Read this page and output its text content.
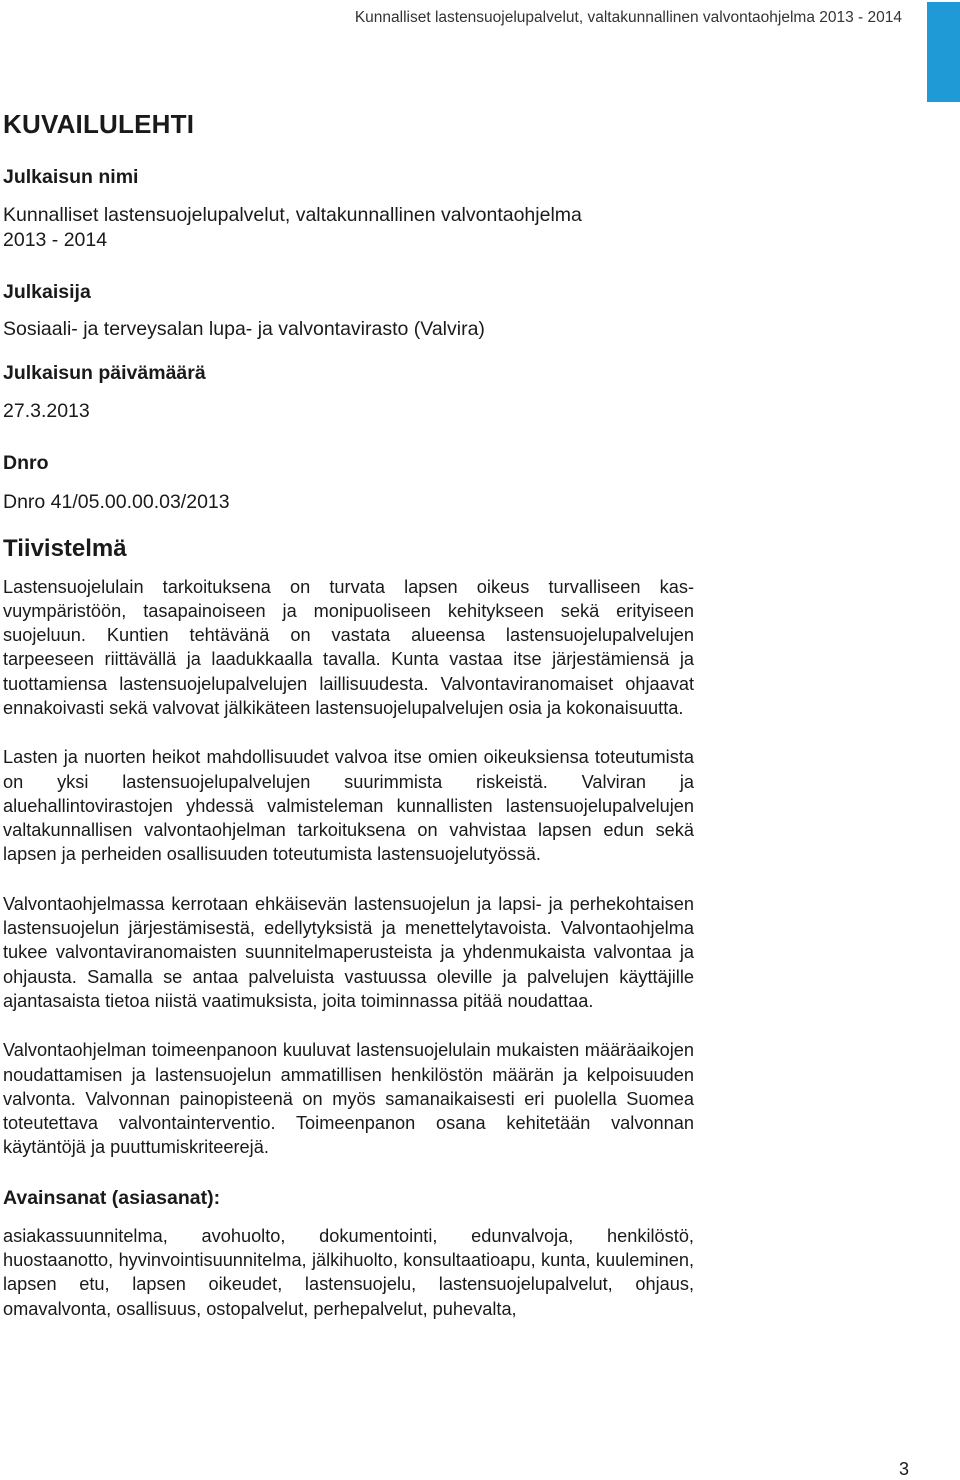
Kunnalliset lastensuojelupalvelut, valtakunnallinen valvontaohjelma 2013 - 2014
KUVAILULEHTI

Julkaisun nimi

Kunnalliset lastensuojelupalvelut, valtakunnallinen valvontaohjelma

2013 - 2014

Julkaisija

Sosiaali- ja terveysalan lupa- ja valvontavirasto (Valvira)

Julkaisun päivämäärä

27.3.2013

Dnro

Dnro 41/05.00.00.03/2013

Tiivistelmä

Lastensuojelulain tarkoituksena on turvata lapsen oikeus turvalliseen kasvuympäristöön, tasapainoiseen ja monipuoliseen kehitykseen sekä erityiseen suojeluun. Kuntien tehtävänä on vastata alueensa lastensuojelupalvelujen tarpeeseen riittävällä ja laadukkaalla tavalla. Kunta vastaa itse järjestämiensä ja tuottamiensa lastensuojelupalvelujen laillisuudesta. Valvontaviranomaiset ohjaavat ennakoivasti sekä valvovat jälkikäteen lastensuojelupalvelujen osia ja kokonaisuutta.

Lasten ja nuorten heikot mahdollisuudet valvoa itse omien oikeuksiensa toteutumista on yksi lastensuojelupalvelujen suurimmista riskeistä. Valviran ja aluehallintovirastojen yhdessä valmisteleman kunnallisten lastensuojelupalvelujen valtakunnallisen valvontaohjelman tarkoituksena on vahvistaa lapsen edun sekä lapsen ja perheiden osallisuuden toteutumista lastensuojelutyössä.

Valvontaohjelmassa kerrotaan ehkäisevän lastensuojelun ja lapsi- ja perhekohtaisen lastensuojelun järjestämisestä, edellytyksistä ja menettelytavoista. Valvontaohjelma tukee valvontaviranomaisten suunnitelmaperusteista ja yhdenmukaista valvontaa ja ohjausta. Samalla se antaa palveluista vastuussa oleville ja palvelujen käyttäjille ajantasaista tietoa niistä vaatimuksista, joita toiminnassa pitää noudattaa.

Valvontaohjelman toimeenpanoon kuuluvat lastensuojelulain mukaisten määräaikojen noudattamisen ja lastensuojelun ammatillisen henkilöstön määrän ja kelpoisuuden valvonta. Valvonnan painopisteenä on myös samanaikaisesti eri puolella Suomea toteutettava valvontainterventio. Toimeenpanon osana kehitetään valvonnan käytäntöjä ja puuttumiskriteerejä.

Avainsanat (asiasanat):

asiakassuunnitelma, avohuolto, dokumentointi, edunvalvoja, henkilöstö, huostaanotto, hyvinvointisuunnitelma, jälkihuolto, konsultaatioapu, kunta, kuuleminen, lapsen etu, lapsen oikeudet, lastensuojelu, lastensuojelupalvelut, ohjaus, omavalvonta, osallisuus, ostopalvelut, perhepalvelut, puhevalta,

3
